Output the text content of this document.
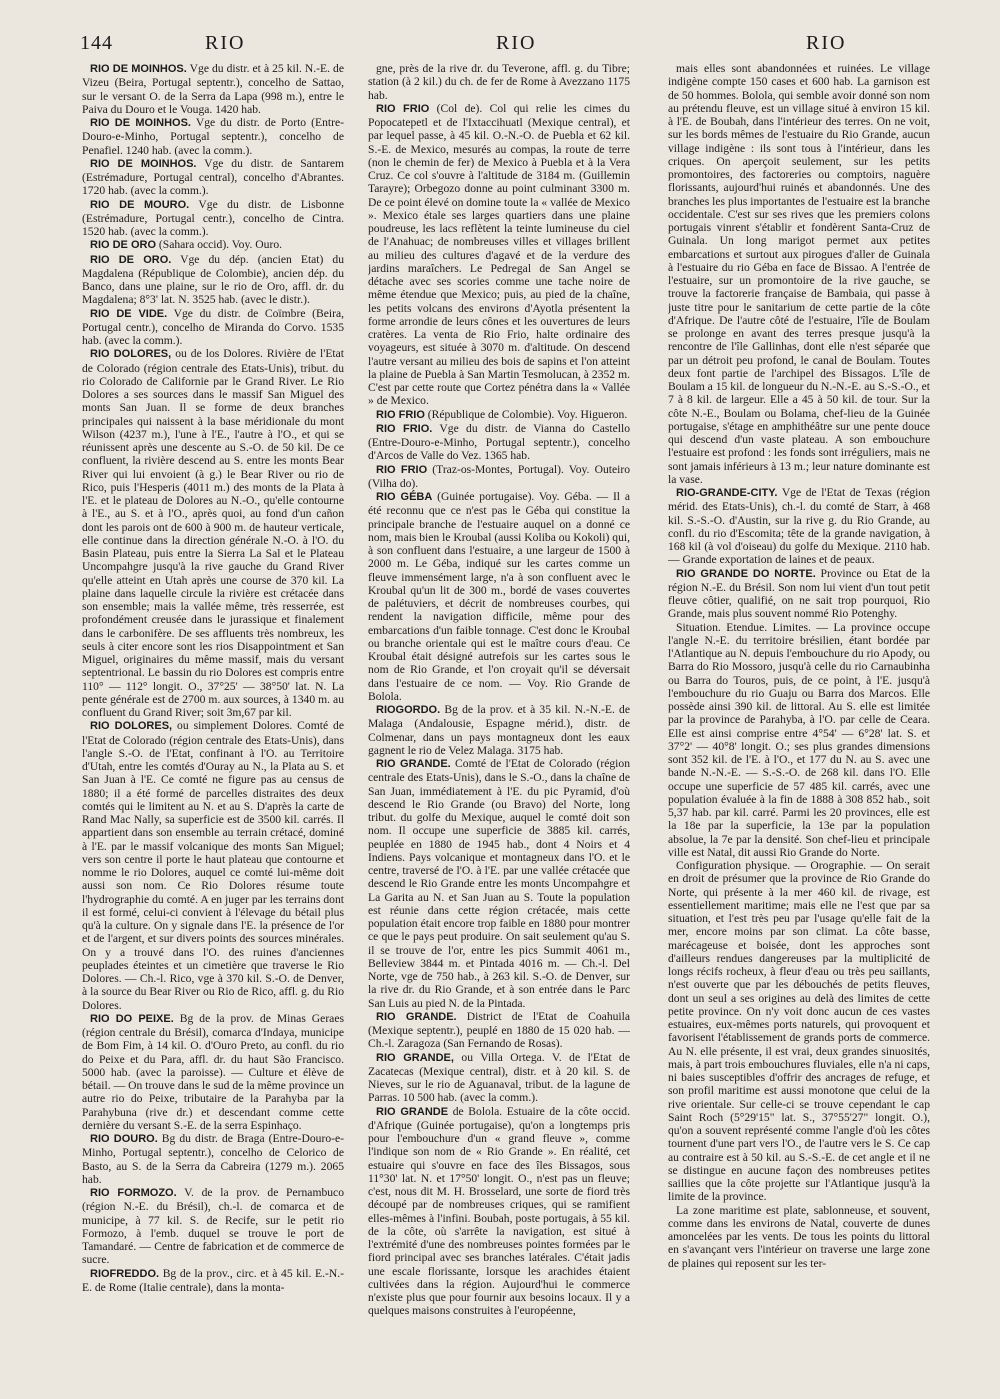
144	RIO	RIO	RIO

RIO DE MOINHOS. Vge du distr. et à 25 kil. N.-E. de Vizeu (Beira, Portugal septentr.), concelho de Sattao, sur le versant O. de la Serra da Lapa (998 m.), entre le Paiva du Douro et le Vouga. 1420 hab.

RIO DE MOINHOS. Vge du distr. de Porto (Entre-Douro-e-Minho, Portugal septentr.), concelho de Penafiel. 1240 hab. (avec la comm.).

RIO DE MOINHOS. Vge du distr. de Santarem (Estrémadure, Portugal central), concelho d'Abrantes. 1720 hab. (avec la comm.).

RIO DE MOURO. Vge du distr. de Lisbonne (Estrémadure, Portugal centr.), concelho de Cintra. 1520 hab. (avec la comm.).

RIO DE ORO (Sahara occid). Voy. Ouro.

RIO DE ORO. Vge du dép. (ancien Etat) du Magdalena (République de Colombie), ancien dép. du Banco, dans une plaine, sur le rio de Oro, affl. dr. du Magdalena; 8°3' lat. N. 3525 hab. (avec le distr.).

RIO DE VIDE. Vge du distr. de Coïmbre (Beira, Portugal centr.), concelho de Miranda do Corvo. 1535 hab. (avec la comm.).

RIO DOLORES, ou de los Dolores. Rivière de l'Etat de Colorado (région centrale des Etats-Unis), tribut. du rio Colorado de Californie par le Grand River. Le Rio Dolores a ses sources dans le massif San Miguel des monts San Juan. Il se forme de deux branches principales qui naissent à la base méridionale du mont Wilson (4237 m.), l'une à l'E., l'autre à l'O., et qui se réunissent après une descente au S.-O. de 50 kil. De ce confluent, la rivière descend au S. entre les monts Bear River qui lui envoient (à g.) le Bear River ou rio de Rico, puis l'Hesperis (4011 m.) des monts de la Plata à l'E. et le plateau de Dolores au N.-O., qu'elle contourne à l'E., au S. et à l'O., après quoi, au fond d'un cañon dont les parois ont de 600 à 900 m. de hauteur verticale, elle continue dans la direction générale N.-O. à l'O. du Basin Plateau, puis entre la Sierra La Sal et le Plateau Uncompahgre jusqu'à la rive gauche du Grand River qu'elle atteint en Utah après une course de 370 kil. La plaine dans laquelle circule la rivière est crétacée dans son ensemble; mais la vallée même, très resserrée, est profondément creusée dans le jurassique et finalement dans le carbonifère. De ses affluents très nombreux, les seuls à citer encore sont les rios Disappointment et San Miguel, originaires du même massif, mais du versant septentrional. Le bassin du rio Dolores est compris entre 110° — 112° longit. O., 37°25' — 38°50' lat. N. La pente générale est de 2700 m. aux sources, à 1340 m. au confluent du Grand River; soit 3m,67 par kil.

RIO DOLORES, ou simplement Dolores. Comté de l'Etat de Colorado (région centrale des Etats-Unis), dans l'angle S.-O. de l'Etat, confinant à l'O. au Territoire d'Utah, entre les comtés d'Ouray au N., la Plata au S. et San Juan à l'E. Ce comté ne figure pas au census de 1880; il a été formé de parcelles distraites des deux comtés qui le limitent au N. et au S. D'après la carte de Rand Mac Nally, sa superficie est de 3500 kil. carrés. Il appartient dans son ensemble au terrain crétacé, dominé à l'E. par le massif volcanique des monts San Miguel; vers son centre il porte le haut plateau que contourne et nomme le rio Dolores, auquel ce comté lui-même doit aussi son nom. Ce Rio Dolores résume toute l'hydrographie du comté. A en juger par les terrains dont il est formé, celui-ci convient à l'élevage du bétail plus qu'à la culture. On y signale dans l'E. la présence de l'or et de l'argent, et sur divers points des sources minérales. On y a trouvé dans l'O. des ruines d'anciennes peuplades éteintes et un cimetière que traverse le Rio Dolores. — Ch.-l. Rico, vge à 370 kil. S.-O. de Denver, à la source du Bear River ou Rio de Rico, affl. g. du Rio Dolores.

RIO DO PEIXE. Bg de la prov. de Minas Geraes (région centrale du Brésil), comarca d'Indaya, municipe de Bom Fim, à 14 kil. O. d'Ouro Preto, au confl. du rio do Peixe et du Para, affl. dr. du haut São Francisco. 5000 hab. (avec la paroisse). — Culture et élève de bétail. — On trouve dans le sud de la même province un autre rio do Peixe, tributaire de la Parahyba par la Parahybuna (rive dr.) et descendant comme cette dernière du versant S.-E. de la serra Espinhaço.

RIO DOURO. Bg du distr. de Braga (Entre-Douro-e-Minho, Portugal septentr.), concelho de Celorico de Basto, au S. de la Serra da Cabreira (1279 m.). 2065 hab.

RIO FORMOZO. V. de la prov. de Pernambuco (région N.-E. du Brésil), ch.-l. de comarca et de municipe, à 77 kil. S. de Recife, sur le petit rio Formozo, à l'emb. duquel se trouve le port de Tamandaré. — Centre de fabrication et de commerce de sucre.

RIOFREDDO. Bg de la prov., circ. et à 45 kil. E.-N.-E. de Rome (Italie centrale), dans la monta-

gne, près de la rive dr. du Teverone, affl. g. du Tibre; station (à 2 kil.) du ch. de fer de Rome à Avezzano 1175 hab.

RIO FRIO (Col de). Col qui relie les cimes du Popocatepetl et de l'Ixtaccihuatl (Mexique central), et par lequel passe, à 45 kil. O.-N.-O. de Puebla et 62 kil. S.-E. de Mexico, mesurés au compas, la route de terre (non le chemin de fer) de Mexico à Puebla et à la Vera Cruz. Ce col s'ouvre à l'altitude de 3184 m. (Guillemin Tarayre); Orbegozo donne au point culminant 3300 m. De ce point élevé on domine toute la « vallée de Mexico ». Mexico étale ses larges quartiers dans une plaine poudreuse, les lacs reflètent la teinte lumineuse du ciel de l'Anahuac; de nombreuses villes et villages brillent au milieu des cultures d'agavé et de la verdure des jardins maraîchers. Le Pedregal de San Angel se détache avec ses scories comme une tache noire de même étendue que Mexico; puis, au pied de la chaîne, les petits volcans des environs d'Ayotla présentent la forme arrondie de leurs cônes et les ouvertures de leurs cratères. La venta de Rio Frio, halte ordinaire des voyageurs, est située à 3070 m. d'altitude. On descend l'autre versant au milieu des bois de sapins et l'on atteint la plaine de Puebla à San Martin Tesmolucan, à 2352 m. C'est par cette route que Cortez pénétra dans la « Vallée » de Mexico.

RIO FRIO (République de Colombie). Voy. Higueron.

RIO FRIO. Vge du distr. de Vianna do Castello (Entre-Douro-e-Minho, Portugal septentr.), concelho d'Arcos de Valle do Vez. 1365 hab.

RIO FRIO (Traz-os-Montes, Portugal). Voy. Outeiro (Vilha do).

RIO GÉBA (Guinée portugaise). Voy. Géba. — Il a été reconnu que ce n'est pas le Géba qui constitue la principale branche de l'estuaire auquel on a donné ce nom, mais bien le Kroubal (aussi Koliba ou Kokoli) qui, à son confluent dans l'estuaire, a une largeur de 1500 à 2000 m. Le Géba, indiqué sur les cartes comme un fleuve immensément large, n'a à son confluent avec le Kroubal qu'un lit de 300 m., bordé de vases couvertes de palétuviers, et décrit de nombreuses courbes, qui rendent la navigation difficile, même pour des embarcations d'un faible tonnage. C'est donc le Kroubal ou branche orientale qui est le maître cours d'eau. Ce Kroubal était désigné autrefois sur les cartes sous le nom de Rio Grande, et l'on croyait qu'il se déversait dans l'estuaire de ce nom. — Voy. Rio Grande de Bolola.

RIOGORDO. Bg de la prov. et à 35 kil. N.-N.-E. de Malaga (Andalousie, Espagne mérid.), distr. de Colmenar, dans un pays montagneux dont les eaux gagnent le rio de Velez Malaga. 3175 hab.

RIO GRANDE. Comté de l'Etat de Colorado (région centrale des Etats-Unis), dans le S.-O., dans la chaîne de San Juan, immédiatement à l'E. du pic Pyramid, d'où descend le Rio Grande (ou Bravo) del Norte, long tribut. du golfe du Mexique, auquel le comté doit son nom. Il occupe une superficie de 3885 kil. carrés, peuplée en 1880 de 1945 hab., dont 4 Noirs et 4 Indiens. Pays volcanique et montagneux dans l'O. et le centre, traversé de l'O. à l'E. par une vallée crétacée que descend le Rio Grande entre les monts Uncompahgre et La Garita au N. et San Juan au S. Toute la population est réunie dans cette région crétacée, mais cette population était encore trop faible en 1880 pour montrer ce que le pays peut produire. On sait seulement qu'au S. il se trouve de l'or, entre les pics Summit 4061 m., Belleview 3844 m. et Pintada 4016 m. — Ch.-l. Del Norte, vge de 750 hab., à 263 kil. S.-O. de Denver, sur la rive dr. du Rio Grande, et à son entrée dans le Parc San Luis au pied N. de la Pintada.

RIO GRANDE. District de l'Etat de Coahuila (Mexique septentr.), peuplé en 1880 de 15 020 hab. — Ch.-l. Zaragoza (San Fernando de Rosas).

RIO GRANDE, ou Villa Ortega. V. de l'Etat de Zacatecas (Mexique central), distr. et à 20 kil. S. de Nieves, sur le rio de Aguanaval, tribut. de la lagune de Parras. 10 500 hab. (avec la comm.).

RIO GRANDE de Bolola. Estuaire de la côte occid. d'Afrique (Guinée portugaise), qu'on a longtemps pris pour l'embouchure d'un « grand fleuve », comme l'indique son nom de « Rio Grande ». En réalité, cet estuaire qui s'ouvre en face des îles Bissagos, sous 11°30' lat. N. et 17°50' longit. O., n'est pas un fleuve; c'est, nous dit M. H. Brosselard, une sorte de fiord très découpé par de nombreuses criques, qui se ramifient elles-mêmes à l'infini. Boubah, poste portugais, à 55 kil. de la côte, où s'arrête la navigation, est situé à l'extrémité d'une des nombreuses pointes formées par le fiord principal avec ses branches latérales. C'était jadis une escale florissante, lorsque les arachides étaient cultivées dans la région. Aujourd'hui le commerce n'existe plus que pour fournir aux besoins locaux. Il y a quelques maisons construites à l'européenne,

mais elles sont abandonnées et ruinées. Le village indigène compte 150 cases et 600 hab. La garnison est de 50 hommes. Bolola, qui semble avoir donné son nom au prétendu fleuve, est un village situé à environ 15 kil. à l'E. de Boubah, dans l'intérieur des terres. On ne voit, sur les bords mêmes de l'estuaire du Rio Grande, aucun village indigène : ils sont tous à l'intérieur, dans les criques. On aperçoit seulement, sur les petits promontoires, des factoreries ou comptoirs, naguère florissants, aujourd'hui ruinés et abandonnés. Une des branches les plus importantes de l'estuaire est la branche occidentale. C'est sur ses rives que les premiers colons portugais vinrent s'établir et fondèrent Santa-Cruz de Guinala. Un long marigot permet aux petites embarcations et surtout aux pirogues d'aller de Guinala à l'estuaire du rio Géba en face de Bissao. A l'entrée de l'estuaire, sur un promontoire de la rive gauche, se trouve la factorerie française de Bambaia, qui passe à juste titre pour le sanitarium de cette partie de la côte d'Afrique. De l'autre côté de l'estuaire, l'île de Boulam se prolonge en avant des terres presque jusqu'à la rencontre de l'île Gallinhas, dont elle n'est séparée que par un détroit peu profond, le canal de Boulam. Toutes deux font partie de l'archipel des Bissagos. L'île de Boulam a 15 kil. de longueur du N.-N.-E. au S.-S.-O., et 7 à 8 kil. de largeur. Elle a 45 à 50 kil. de tour. Sur la côte N.-E., Boulam ou Bolama, chef-lieu de la Guinée portugaise, s'étage en amphithéâtre sur une pente douce qui descend d'un vaste plateau. A son embouchure l'estuaire est profond : les fonds sont irréguliers, mais ne sont jamais inférieurs à 13 m.; leur nature dominante est la vase.

RIO-GRANDE-CITY. Vge de l'Etat de Texas (région mérid. des Etats-Unis), ch.-l. du comté de Starr, à 468 kil. S.-S.-O. d'Austin, sur la rive g. du Rio Grande, au confl. du rio d'Escomita; tête de la grande navigation, à 168 kil (à vol d'oiseau) du golfe du Mexique. 2110 hab. — Grande exportation de laines et de peaux.

RIO GRANDE DO NORTE. Province ou Etat de la région N.-E. du Brésil. Son nom lui vient d'un tout petit fleuve côtier, qualifié, on ne sait trop pourquoi, Rio Grande, mais plus souvent nommé Rio Potenghy.

Situation. Etendue. Limites. — La province occupe l'angle N.-E. du territoire brésilien, étant bordée par l'Atlantique au N. depuis l'embouchure du rio Apody, ou Barra do Rio Mossoro, jusqu'à celle du rio Carnaubinha ou Barra do Touros, puis, de ce point, à l'E. jusqu'à l'embouchure du rio Guaju ou Barra dos Marcos. Elle possède ainsi 390 kil. de littoral. Au S. elle est limitée par la province de Parahyba, à l'O. par celle de Ceara. Elle est ainsi comprise entre 4°54' — 6°28' lat. S. et 37°2' — 40°8' longit. O.; ses plus grandes dimensions sont 352 kil. de l'E. à l'O., et 177 du N. au S. avec une bande N.-N.-E. — S.-S.-O. de 268 kil. dans l'O. Elle occupe une superficie de 57 485 kil. carrés, avec une population évaluée à la fin de 1888 à 308 852 hab., soit 5,37 hab. par kil. carré. Parmi les 20 provinces, elle est la 18e par la superficie, la 13e par la population absolue, la 7e par la densité. Son chef-lieu et principale ville est Natal, dit aussi Rio Grande do Norte.

Configuration physique. — Orographie. — On serait en droit de présumer que la province de Rio Grande do Norte, qui présente à la mer 460 kil. de rivage, est essentiellement maritime; mais elle ne l'est que par sa situation, et l'est très peu par l'usage qu'elle fait de la mer, encore moins par son climat. La côte basse, marécageuse et boisée, dont les approches sont d'ailleurs rendues dangereuses par la multiplicité de longs récifs rocheux, à fleur d'eau ou très peu saillants, n'est ouverte que par les débouchés de petits fleuves, dont un seul a ses origines au delà des limites de cette petite province. On n'y voit donc aucun de ces vastes estuaires, eux-mêmes ports naturels, qui provoquent et favorisent l'établissement de grands ports de commerce. Au N. elle présente, il est vrai, deux grandes sinuosités, mais, à part trois embouchures fluviales, elle n'a ni caps, ni baies susceptibles d'offrir des ancrages de refuge, et son profil maritime est aussi monotone que celui de la rive orientale. Sur celle-ci se trouve cependant le cap Saint Roch (5°29'15" lat. S., 37°55'27" longit. O.), qu'on a souvent représenté comme l'angle d'où les côtes tournent d'une part vers l'O., de l'autre vers le S. Ce cap au contraire est à 50 kil. au S.-S.-E. de cet angle et il ne se distingue en aucune façon des nombreuses petites saillies que la côte projette sur l'Atlantique jusqu'à la limite de la province.

La zone maritime est plate, sablonneuse, et souvent, comme dans les environs de Natal, couverte de dunes amoncelées par les vents. De tous les points du littoral en s'avançant vers l'intérieur on traverse une large zone de plaines qui reposent sur les ter-
